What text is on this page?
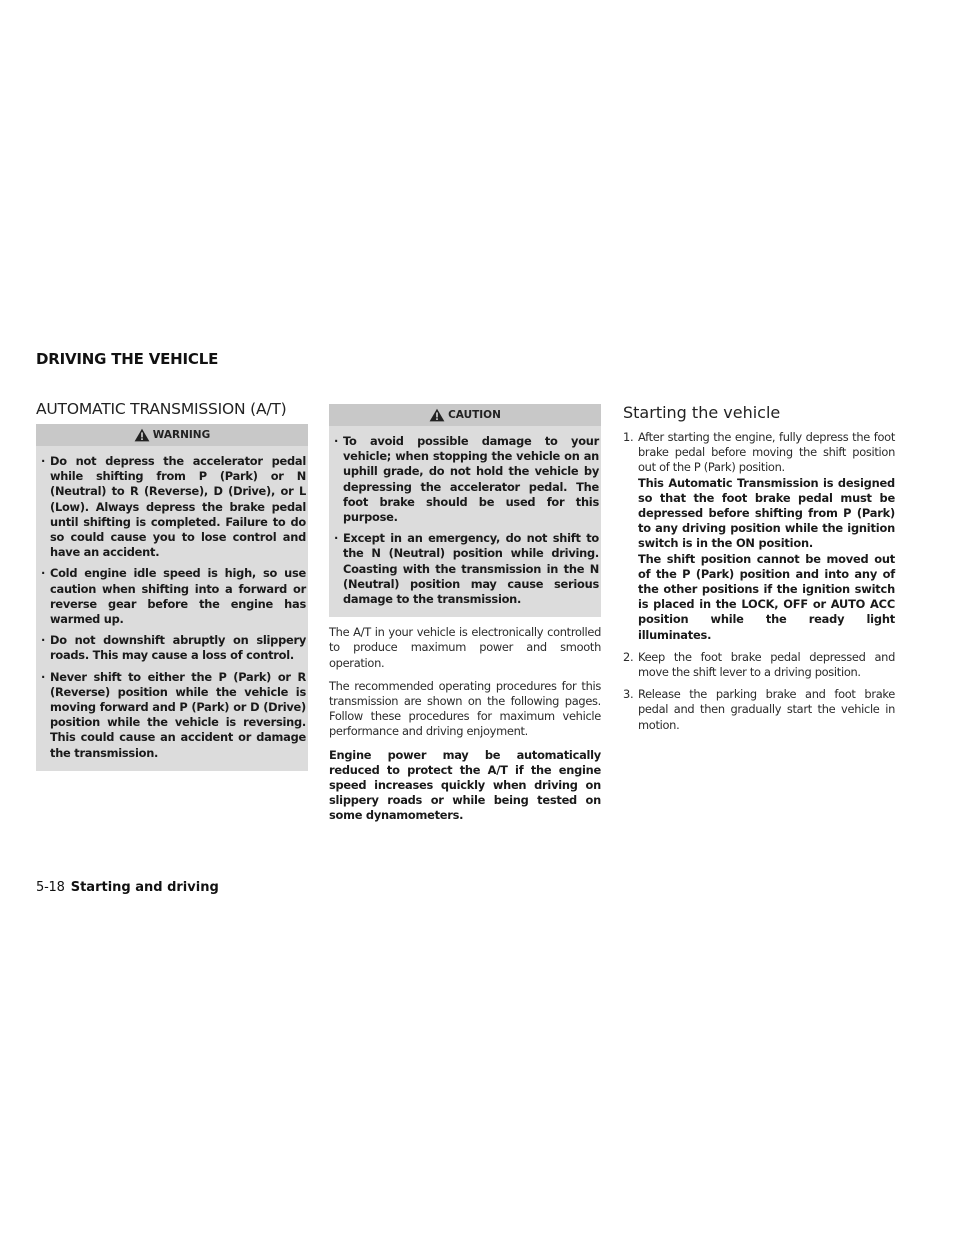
DRIVING THE VEHICLE
AUTOMATIC TRANSMISSION (A/T)
WARNING
· Do not depress the accelerator pedal while shifting from P (Park) or N (Neutral) to R (Reverse), D (Drive), or L (Low). Always depress the brake pedal until shifting is completed. Failure to do so could cause you to lose control and have an accident.
· Cold engine idle speed is high, so use caution when shifting into a forward or reverse gear before the engine has warmed up.
· Do not downshift abruptly on slippery roads. This may cause a loss of control.
· Never shift to either the P (Park) or R (Reverse) position while the vehicle is moving forward and P (Park) or D (Drive) position while the vehicle is reversing. This could cause an accident or damage the transmission.
CAUTION
· To avoid possible damage to your vehicle; when stopping the vehicle on an uphill grade, do not hold the vehicle by depressing the accelerator pedal. The foot brake should be used for this purpose.
· Except in an emergency, do not shift to the N (Neutral) position while driving. Coasting with the transmission in the N (Neutral) position may cause serious damage to the transmission.

The A/T in your vehicle is electronically controlled to produce maximum power and smooth operation.

The recommended operating procedures for this transmission are shown on the following pages. Follow these procedures for maximum vehicle performance and driving enjoyment.

Engine power may be automatically reduced to protect the A/T if the engine speed increases quickly when driving on slippery roads or while being tested on some dynamometers.

Starting the vehicle
1. After starting the engine, fully depress the foot brake pedal before moving the shift position out of the P (Park) position.
This Automatic Transmission is designed so that the foot brake pedal must be depressed before shifting from P (Park) to any driving position while the ignition switch is in the ON position.
The shift position cannot be moved out of the P (Park) position and into any of the other positions if the ignition switch is placed in the LOCK, OFF or AUTO ACC position while the ready light illuminates.
2. Keep the foot brake pedal depressed and move the shift lever to a driving position.
3. Release the parking brake and foot brake pedal and then gradually start the vehicle in motion.
5-18 Starting and driving
